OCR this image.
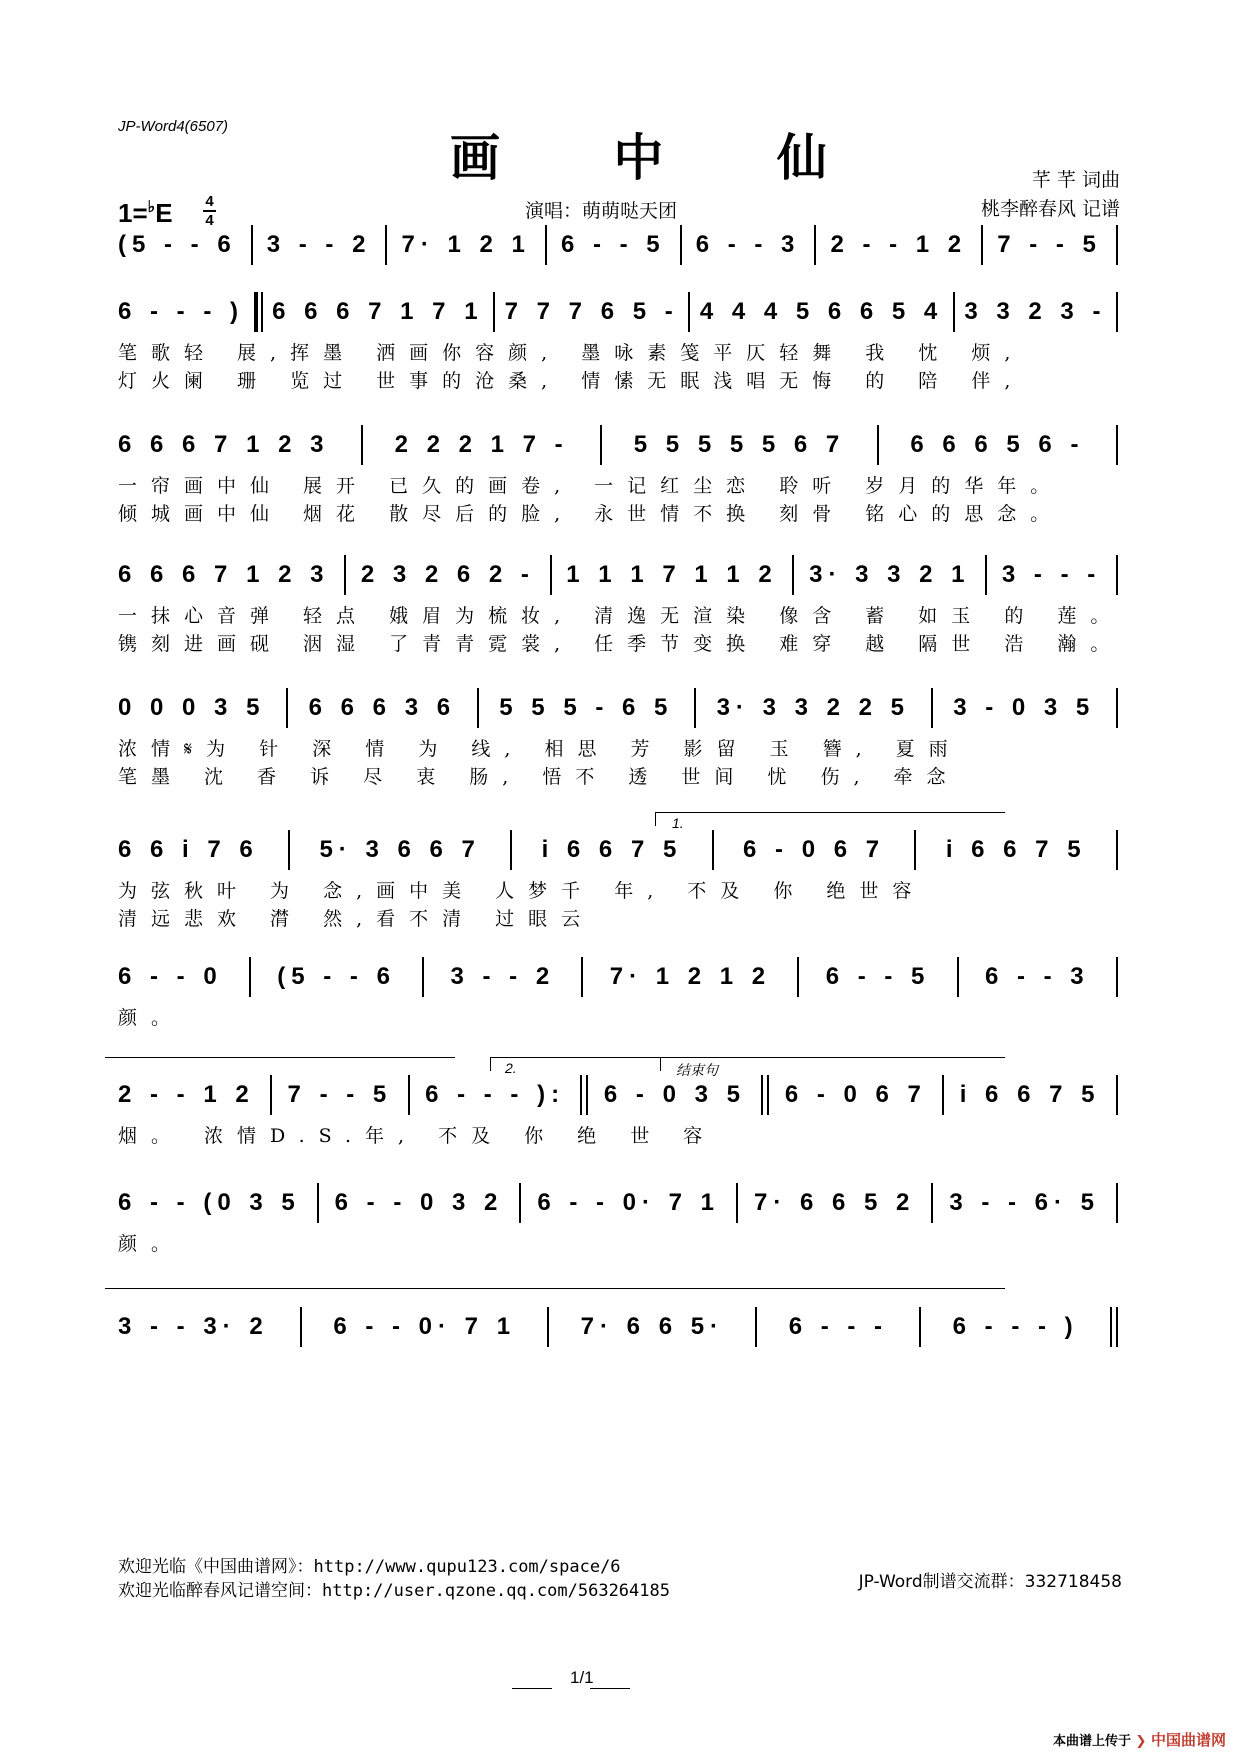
JP-Word4(6507)
画 中 仙	芊 芊 词曲
桃李醉春风 记谱
演唱：萌萌哒天团
1=♭E 4
4
(5 - - 6 3 - - 2 7· 1 2 1 6 - - 5 6 - - 3 2 - - 1 2 7 - - 5
6 - - - ) 6 6 6 7 1 7 1 7 7 7 6 5 - 4 4 4 5 6 6 5 4 3 3 2 3 -
笔歌轻 展,挥墨 洒画你容颜, 墨咏素笺平仄轻舞 我 忱 烦,
灯火阑 珊 览过 世事的沧桑, 情愫无眠浅唱无悔 的 陪 伴,
6 6 6 7 1 2 3	2 2 2 1 7 -	5 5 5 5 5 6 7	6 6 6 5 6 -
一帘画中仙 展开 已久的画卷, 一记红尘恋 聆听 岁月的华年。
倾城画中仙 烟花 散尽后的脸, 永世情不换 刻骨 铭心的思念。
6 6 6 7 1 2 3 2 3 2 6 2 - 1 1 1 7 1 1 2 3· 3 3 2 1 3 - - -
一抹心音弹 轻点 娥眉为梳妆, 清逸无渲染 像含 蓄 如玉 的 莲。
镌刻进画砚 洇湿 了青青霓裳, 任季节变换 难穿 越 隔世 浩 瀚。
0 0 0 3 5 6 6 6 3 6 5 5 5 - 6 5 3· 3 3 2 2 5 3 - 0 3 5
浓情𝄋为 针 深 情 为 线, 相思 芳 影留 玉 簪, 夏雨
笔墨 沈 香 诉 尽 衷 肠, 悟不 透 世间 忧 伤, 牵念
6 6 i 7 6	5· 3 6 6 7	i 6 6 7 5	6 - 0 6 7	i 6 6 7 5
为弦秋叶 为 念,画中美 人梦千 年, 不及 你 绝世容
清远悲欢 潸 然,看不清 过眼云
6 - - 0 (5 - - 6 3 - - 2 7· 1 2 1 2 6 - - 5 6 - - 3
颜。
2 - - 1 2 7 - - 5 6 - - - ): 6 - 0 3 5 6 - 0 6 7 i 6 6 7 5
烟。 浓情D.S.年, 不及 你 绝 世 容
6 - - (0 3 5 6 - - 0 3 2 6 - - 0· 7 1 7· 6 6 5 2 3 - - 6· 5
颜。
3 - - 3· 2	6 - - 0· 7 1	7· 6 6 5·	6 - - -	6 - - - )
1.
2.	结束句
欢迎光临《中国曲谱网》：http://www.qupu123.com/space/6
欢迎光临醉春风记谱空间：http://user.qzone.qq.com/563264185	JP-Word制谱交流群：332718458
1/1
本曲谱上传于 ❯ 中国曲谱网
